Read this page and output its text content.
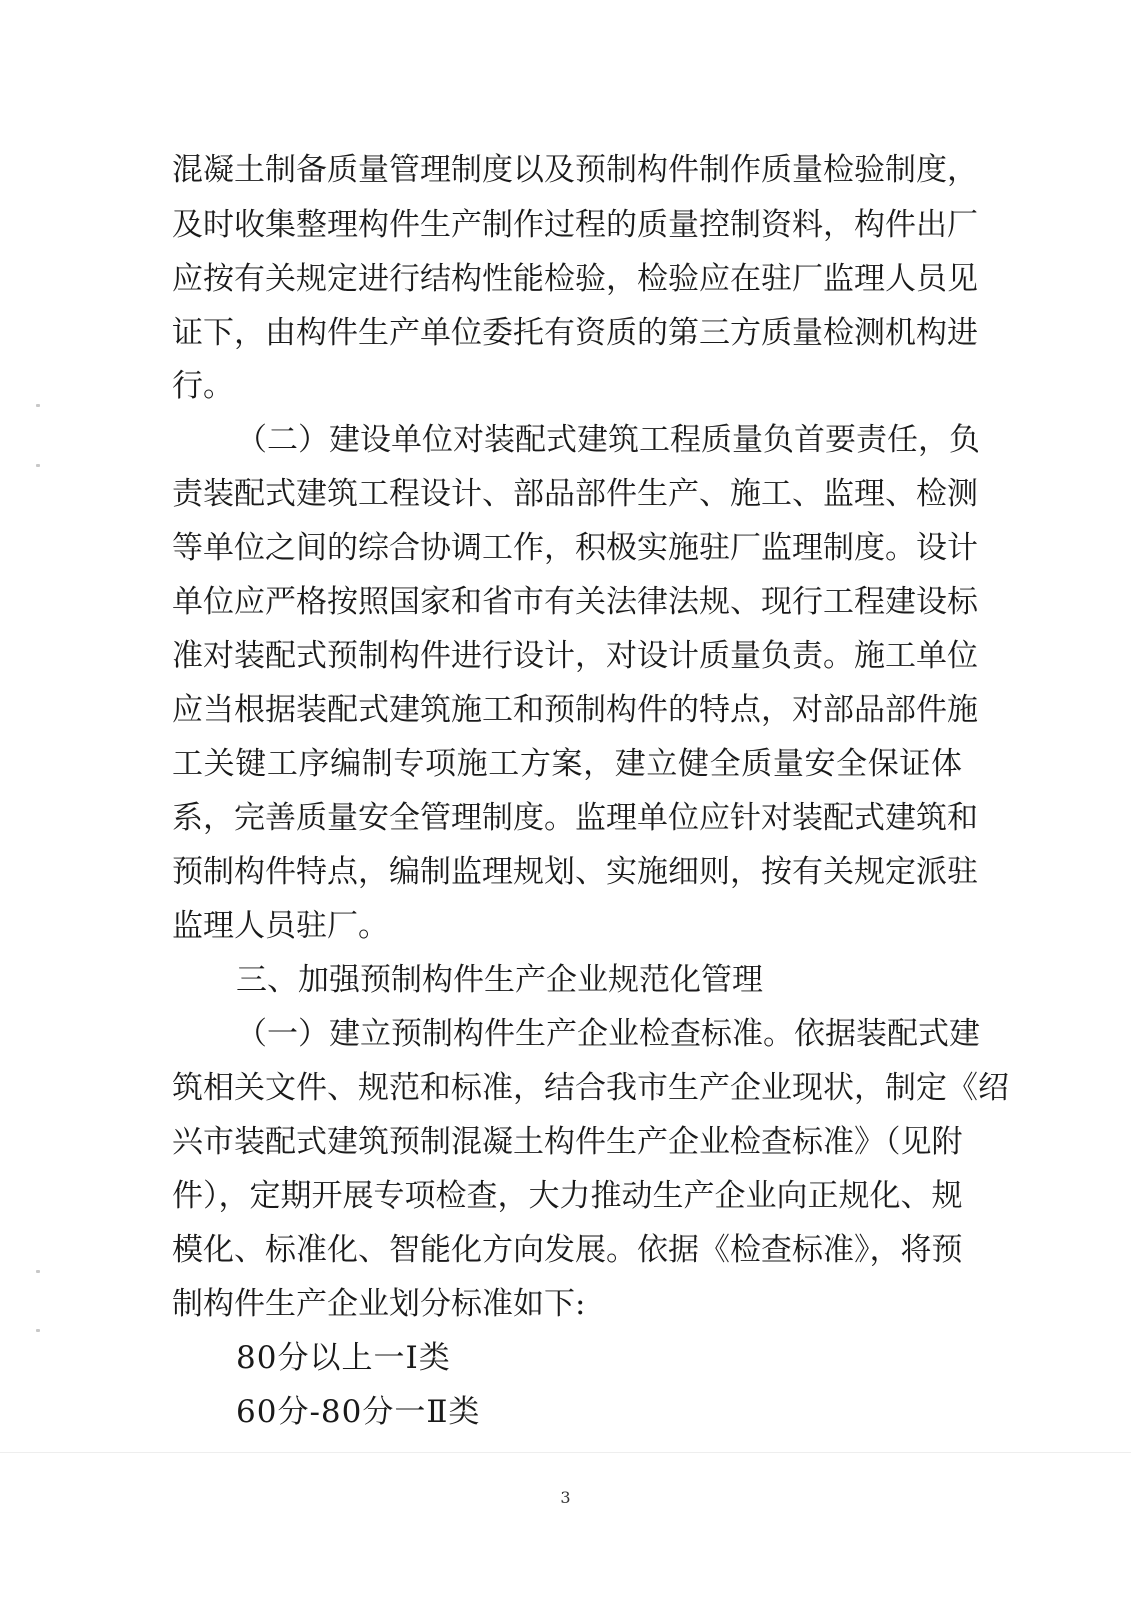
混凝土制备质量管理制度以及预制构件制作质量检验制度，
及时收集整理构件生产制作过程的质量控制资料，构件出厂
应按有关规定进行结构性能检验，检验应在驻厂监理人员见
证下，由构件生产单位委托有资质的第三方质量检测机构进
行。
（二）建设单位对装配式建筑工程质量负首要责任，负
责装配式建筑工程设计、部品部件生产、施工、监理、检测
等单位之间的综合协调工作，积极实施驻厂监理制度。设计
单位应严格按照国家和省市有关法律法规、现行工程建设标
准对装配式预制构件进行设计，对设计质量负责。施工单位
应当根据装配式建筑施工和预制构件的特点，对部品部件施
工关键工序编制专项施工方案，建立健全质量安全保证体
系，完善质量安全管理制度。监理单位应针对装配式建筑和
预制构件特点，编制监理规划、实施细则，按有关规定派驻
监理人员驻厂。
三、加强预制构件生产企业规范化管理
（一）建立预制构件生产企业检查标准。依据装配式建
筑相关文件、规范和标准，结合我市生产企业现状，制定《绍
兴市装配式建筑预制混凝土构件生产企业检查标准》（见附
件），定期开展专项检查，大力推动生产企业向正规化、规
模化、标准化、智能化方向发展。依据《检查标准》，将预
制构件生产企业划分标准如下:
80分以上一Ⅰ类
60分-80分一Ⅱ类
3
